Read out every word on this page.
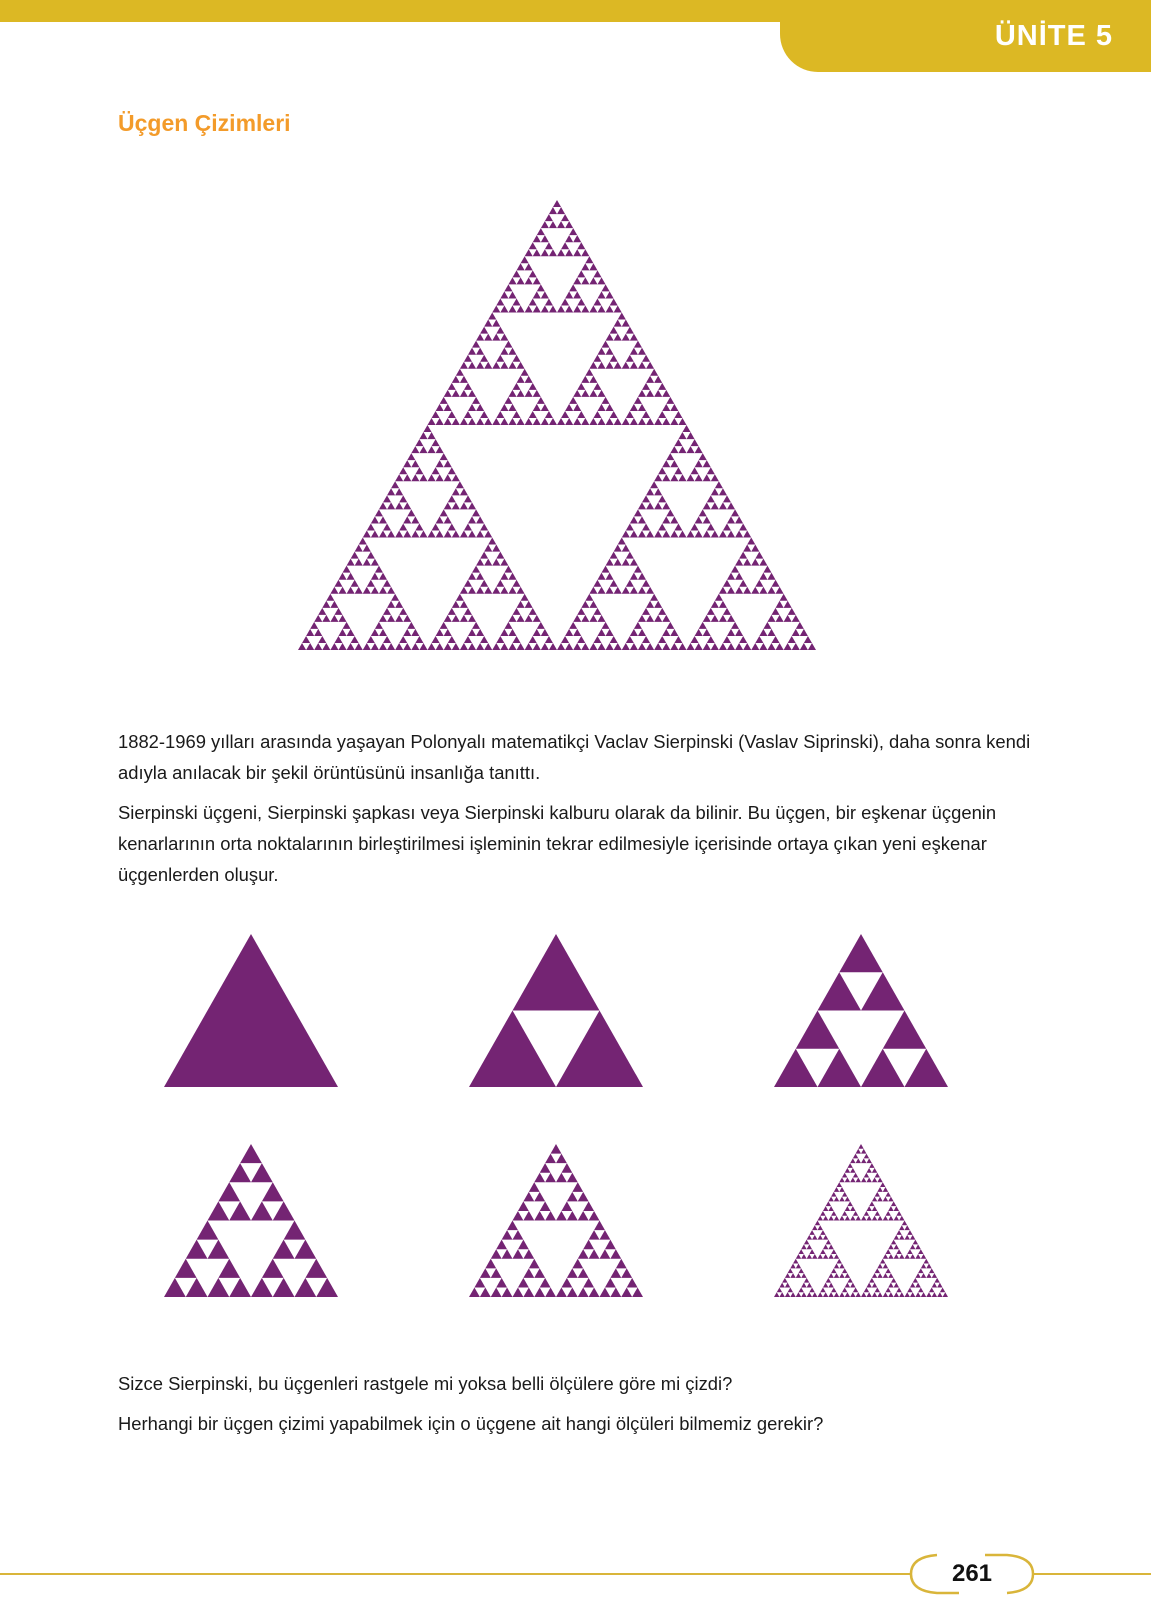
ÜNİTE 5
Üçgen Çizimleri

1882-1969 yılları arasında yaşayan Polonyalı matematikçi Vaclav Sierpinski (Vaslav Siprinski), daha sonra kendi adıyla anılacak bir şekil örüntüsünü insanlığa tanıttı.

Sierpinski üçgeni, Sierpinski şapkası veya Sierpinski kalburu olarak da bilinir. Bu üçgen, bir eşkenar üçgenin kenarlarının orta noktalarının birleştirilmesi işleminin tekrar edilmesiyle içerisinde ortaya çıkan yeni eşkenar üçgenlerden oluşur.

Sizce Sierpinski, bu üçgenleri rastgele mi yoksa belli ölçülere göre mi çizdi?

Herhangi bir üçgen çizimi yapabilmek için o üçgene ait hangi ölçüleri bilmemiz gerekir?

261
